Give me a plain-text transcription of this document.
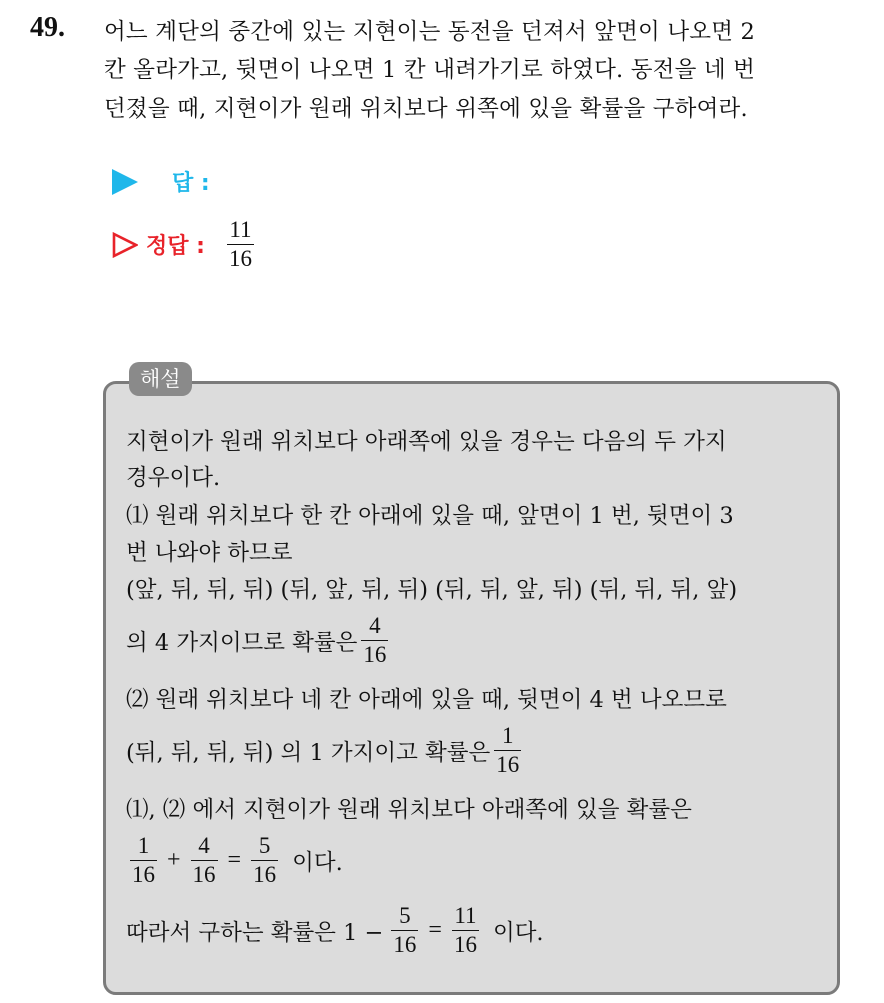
49. 어느 계단의 중간에 있는 지현이는 동전을 던져서 앞면이 나오면 2
칸 올라가고, 뒷면이 나오면 1 칸 내려가기로 하였다. 동전을 네 번
던졌을 때, 지현이가 원래 위치보다 위쪽에 있을 확률을 구하여라.
답 :
정답 : $\frac{11}{16}$
해설
지현이가 원래 위치보다 아래쪽에 있을 경우는 다음의 두 가지
경우이다.
⑴ 원래 위치보다 한 칸 아래에 있을 때, 앞면이 1 번, 뒷면이 3
번 나와야 하므로
(앞, 뒤, 뒤, 뒤) (뒤, 앞, 뒤, 뒤) (뒤, 뒤, 앞, 뒤) (뒤, 뒤, 뒤, 앞)
의 4 가지이므로 확률은 $\frac{4}{16}$
⑵ 원래 위치보다 네 칸 아래에 있을 때, 뒷면이 4 번 나오므로
(뒤, 뒤, 뒤, 뒤) 의 1 가지이고 확률은 $\frac{1}{16}$
⑴, ⑵ 에서 지현이가 원래 위치보다 아래쪽에 있을 확률은
$\frac{1}{16} + \frac{4}{16} = \frac{5}{16}$ 이다.
따라서 구하는 확률은 $1 - \frac{5}{16} = \frac{11}{16}$ 이다.
